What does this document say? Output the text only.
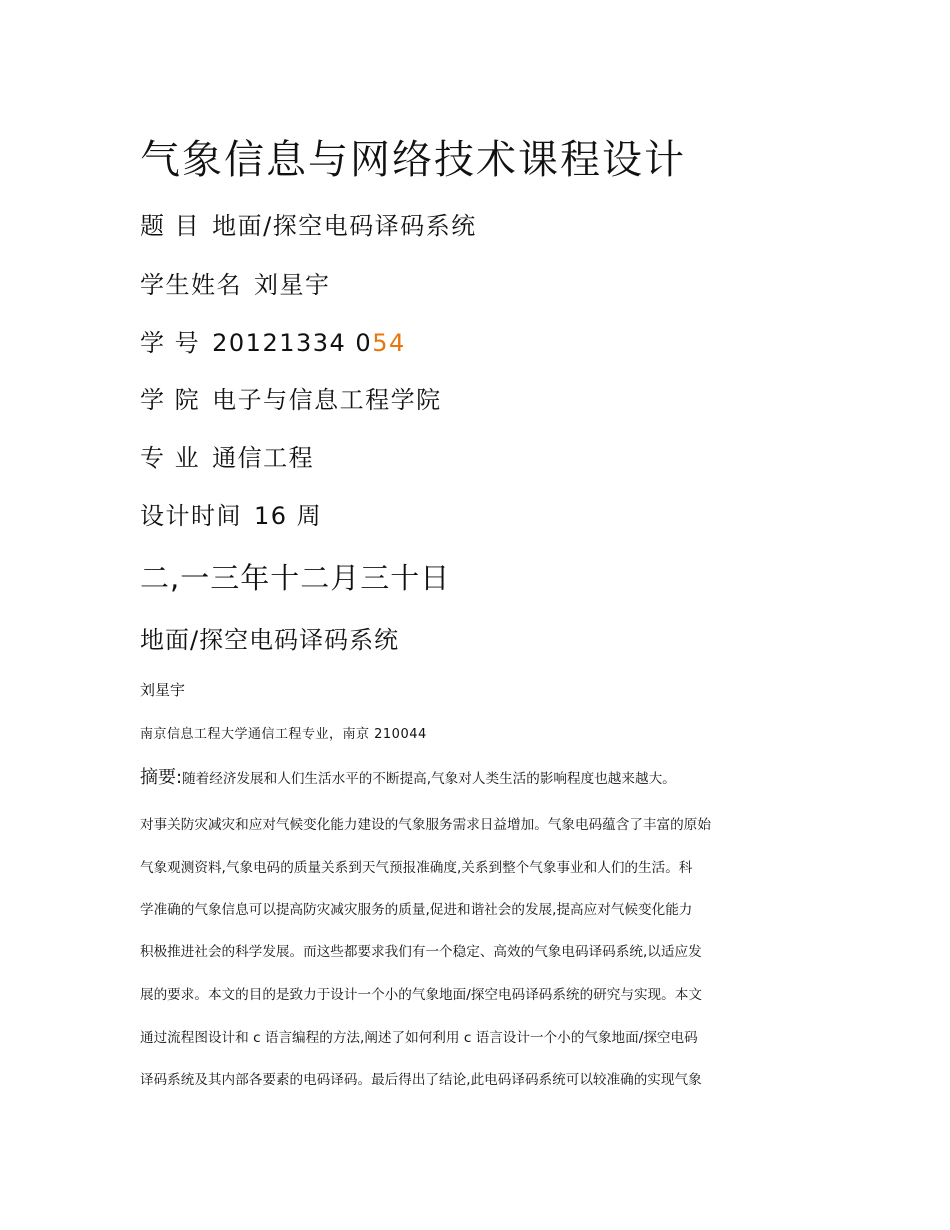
气象信息与网络技术课程设计
题 目 地面/探空电码译码系统
学生姓名 刘星宇
学 号 20121334 054
学 院 电子与信息工程学院
专 业 通信工程
设计时间 16 周
二,一三年十二月三十日
地面/探空电码译码系统
刘星宇
南京信息工程大学通信工程专业，南京 210044
摘要:随着经济发展和人们生活水平的不断提高,气象对人类生活的影响程度也越来越大。
对事关防灾减灾和应对气候变化能力建设的气象服务需求日益增加。气象电码蕴含了丰富的原始
气象观测资料,气象电码的质量关系到天气预报准确度,关系到整个气象事业和人们的生活。科
学准确的气象信息可以提高防灾减灾服务的质量,促进和谐社会的发展,提高应对气候变化能力
积极推进社会的科学发展。而这些都要求我们有一个稳定、高效的气象电码译码系统,以适应发
展的要求。本文的目的是致力于设计一个小的气象地面/探空电码译码系统的研究与实现。本文
通过流程图设计和 c 语言编程的方法,阐述了如何利用 c 语言设计一个小的气象地面/探空电码
译码系统及其内部各要素的电码译码。最后得出了结论,此电码译码系统可以较准确的实现气象
